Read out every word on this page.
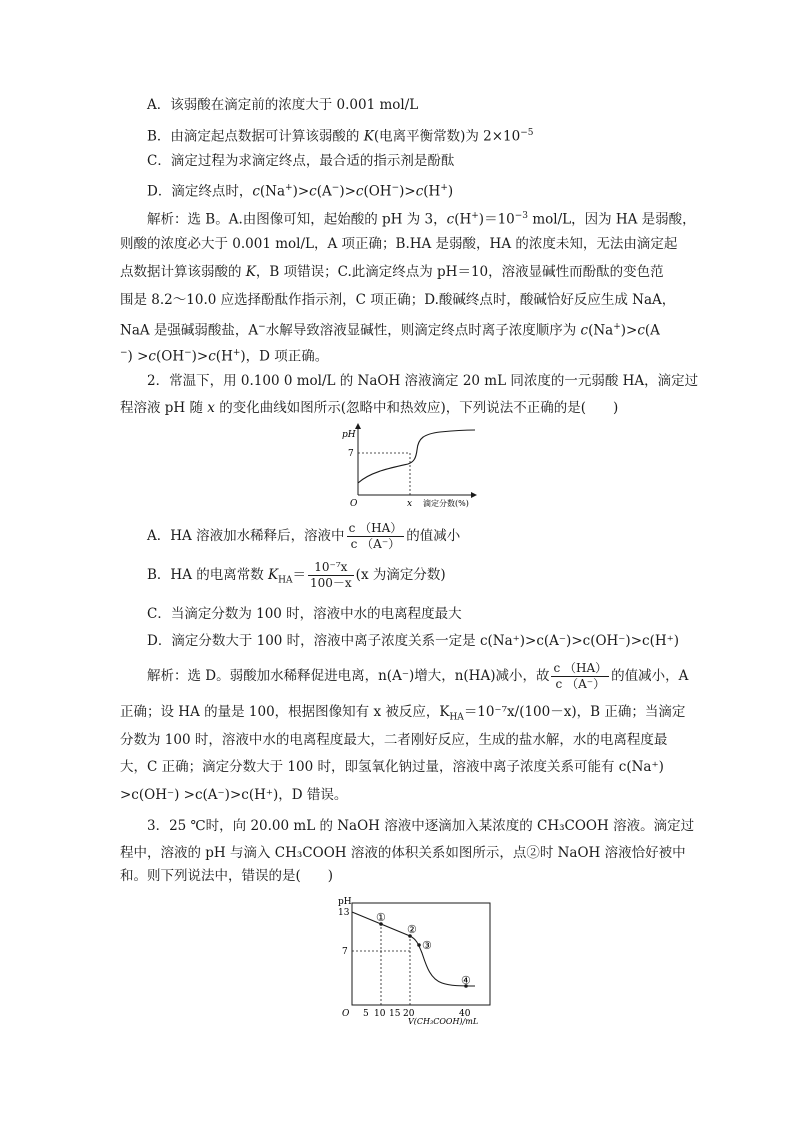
A．该弱酸在滴定前的浓度大于 0.001 mol/L
B．由滴定起点数据可计算该弱酸的 K(电离平衡常数)为 $2\times 10^{-5}$
C．滴定过程为求滴定终点，最合适的指示剂是酚酞
D．滴定终点时，c(Na+)>c(A−)>c(OH−)>c(H+)
解析：选 B。A.由图像可知，起始酸的 pH 为 3，$c(H^+)=10^{-3}$ mol/L，因为 HA 是弱酸，
则酸的浓度必大于 0.001 mol/L，A 项正确；B.HA 是弱酸，HA 的浓度未知，无法由滴定起
点数据计算该弱酸的 K，B 项错误；C.此滴定终点为 pH＝10，溶液显碱性而酚酞的变色范
围是 8.2～10.0 应选择酚酞作指示剂，C 项正确；D.酸碱终点时，酸碱恰好反应生成 NaA，
NaA 是强碱弱酸盐，A−水解导致溶液显碱性，则滴定终点时离子浓度顺序为 c(Na+)>c(A
−) >c(OH−)>c(H+)，D 项正确。
2．常温下，用 0.100 0 mol/L 的 NaOH 溶液滴定 20 mL 同浓度的一元弱酸 HA，滴定过
程溶液 pH 随 x 的变化曲线如图所示(忽略中和热效应)，下列说法不正确的是(　　)
pH
7
O	x 滴定分数(%)
A．HA 溶液加水稀释后，溶液中 $\frac{c (HA)}{c (A^-)}$ 的值减小
B．HA 的电离常数 $K_{HA}= \frac{\text{10⁻⁷x}}{100-x} (x$ 为滴定分数)
C．当滴定分数为 100 时，溶液中水的电离程度最大
D．滴定分数大于 100 时，溶液中离子浓度关系一定是 c(Na⁺)>c(A⁻)>c(OH⁻)>c(H⁺)
解析：选 D。弱酸加水稀释促进电离，n(A⁻)增大，n(HA)减小，故 $\frac{c (HA)}{c (A^-)}$ 的值减小，A
正确；设 HA 的量是 100，根据图像知有 x 被反应，$K_{HA}=10^{-7}x/(100-x)$，B 正确；当滴定
分数为 100 时，溶液中水的电离程度最大，二者刚好反应，生成的盐水解，水的电离程度最
大，C 正确；滴定分数大于 100 时，即氢氧化钠过量，溶液中离子浓度关系可能有 c(Na⁺)
>c(OH⁻) >c(A⁻)>c(H⁺)，D 错误。
3．25 ℃时，向 20.00 mL 的 NaOH 溶液中逐滴加入某浓度的 CH₃COOH 溶液。滴定过
程中，溶液的 pH 与滴入 CH₃COOH 溶液的体积关系如图所示，点②时 NaOH 溶液恰好被中
和。则下列说法中，错误的是(　　)
pH
13
7
①
②
③
④
O 5 10 15 20	40
V(CH₃COOH)/mL
